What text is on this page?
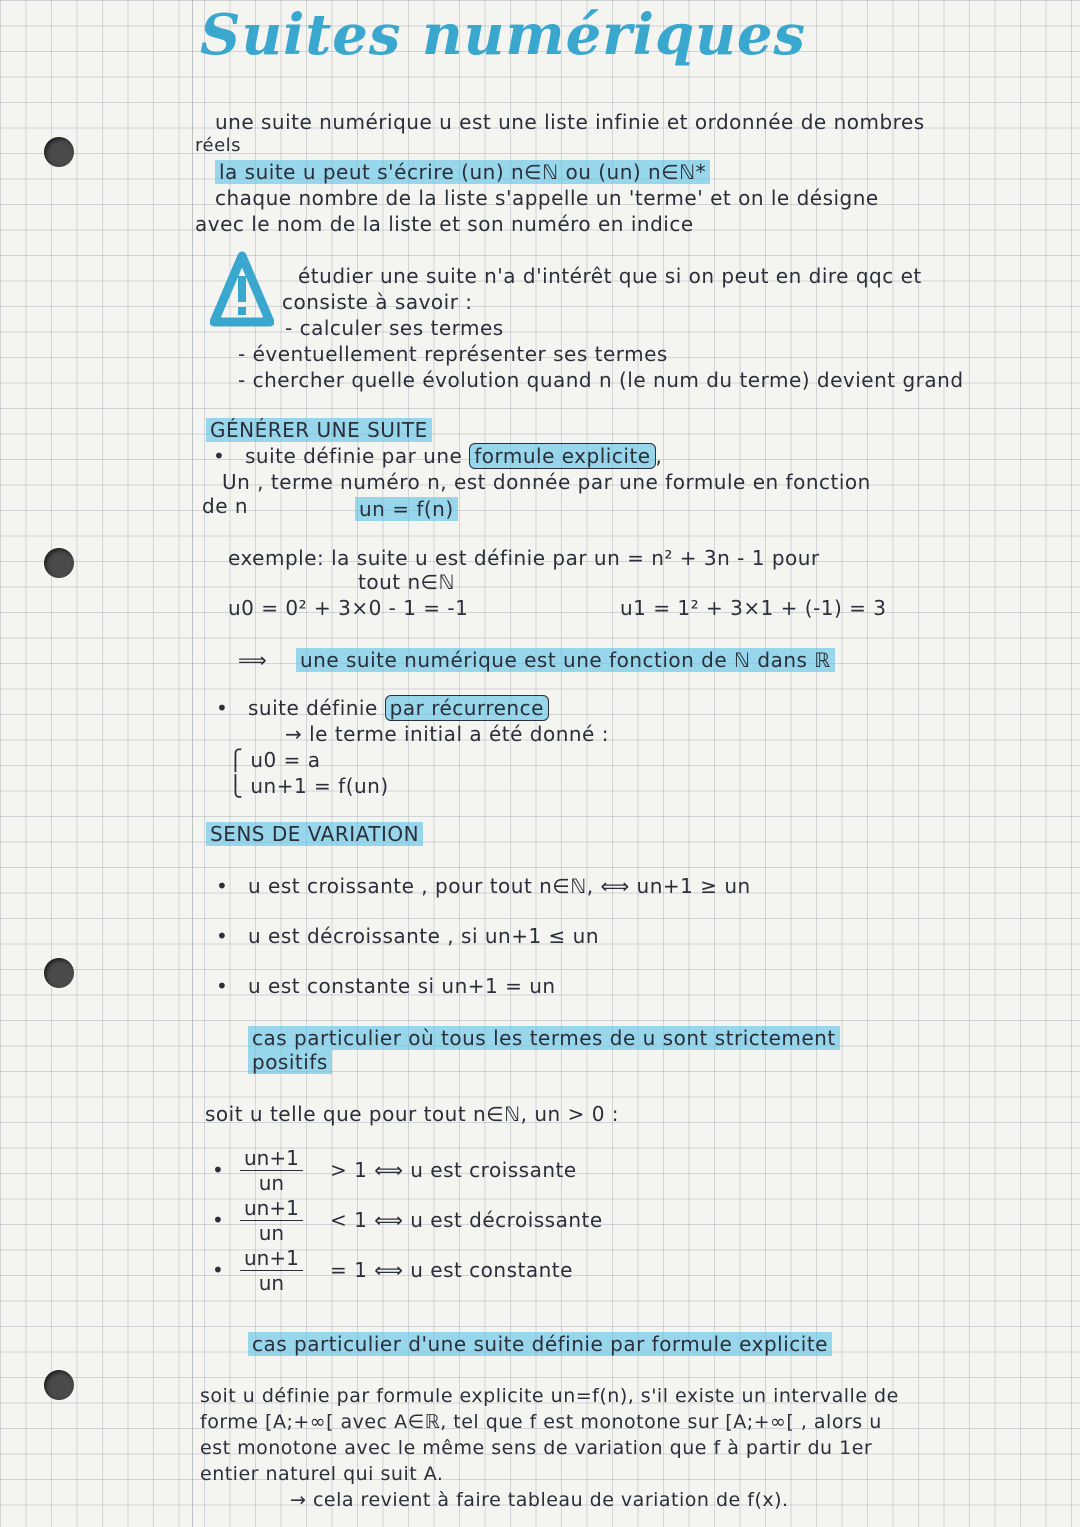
Suites numériques
une suite numérique u est une liste infinie et ordonnée de nombres
réels
la suite u peut s'écrire (un) n∈ℕ ou (un) n∈ℕ*
chaque nombre de la liste s'appelle un 'terme' et on le désigne
avec le nom de la liste et son numéro en indice
étudier une suite n'a d'intérêt que si on peut en dire qqc et
consiste à savoir :
- calculer ses termes
- éventuellement représenter ses termes
- chercher quelle évolution quand n (le num du terme) devient grand
GÉNÉRER UNE SUITE
• suite définie par une formule explicite ,
Un , terme numéro n, est donnée par une formule en fonction
de n	un = f(n)
exemple: la suite u est définie par un = n² + 3n - 1 pour
tout n∈ℕ
u0 = 0² + 3×0 - 1 = -1	u1 = 1² + 3×1 + (-1) = 3
⟹ une suite numérique est une fonction de ℕ dans ℝ
• suite définie par récurrence
→ le terme initial a été donné :
⎧ u0 = a
⎩ un+1 = f(un)
SENS DE VARIATION
• u est croissante , pour tout n∈ℕ, ⟺ un+1 ≥ un
• u est décroissante , si un+1 ≤ un
• u est constante si un+1 = un
cas particulier où tous les termes de u sont strictement
positifs
soit u telle que pour tout n∈ℕ, un > 0 :
• $\frac{un+1}{un} > 1$ ⟺ u est croissante
• $\frac{un+1}{un} < 1$ ⟺ u est décroissante
• $\frac{un+1}{un} = 1$ ⟺ u est constante
cas particulier d'une suite définie par formule explicite
soit u définie par formule explicite un=f(n), s'il existe un intervalle de
forme [A;+∞[ avec A∈ℝ, tel que f est monotone sur [A;+∞[ , alors u
est monotone avec le même sens de variation que f à partir du 1er
entier naturel qui suit A.
→ cela revient à faire tableau de variation de f(x).
